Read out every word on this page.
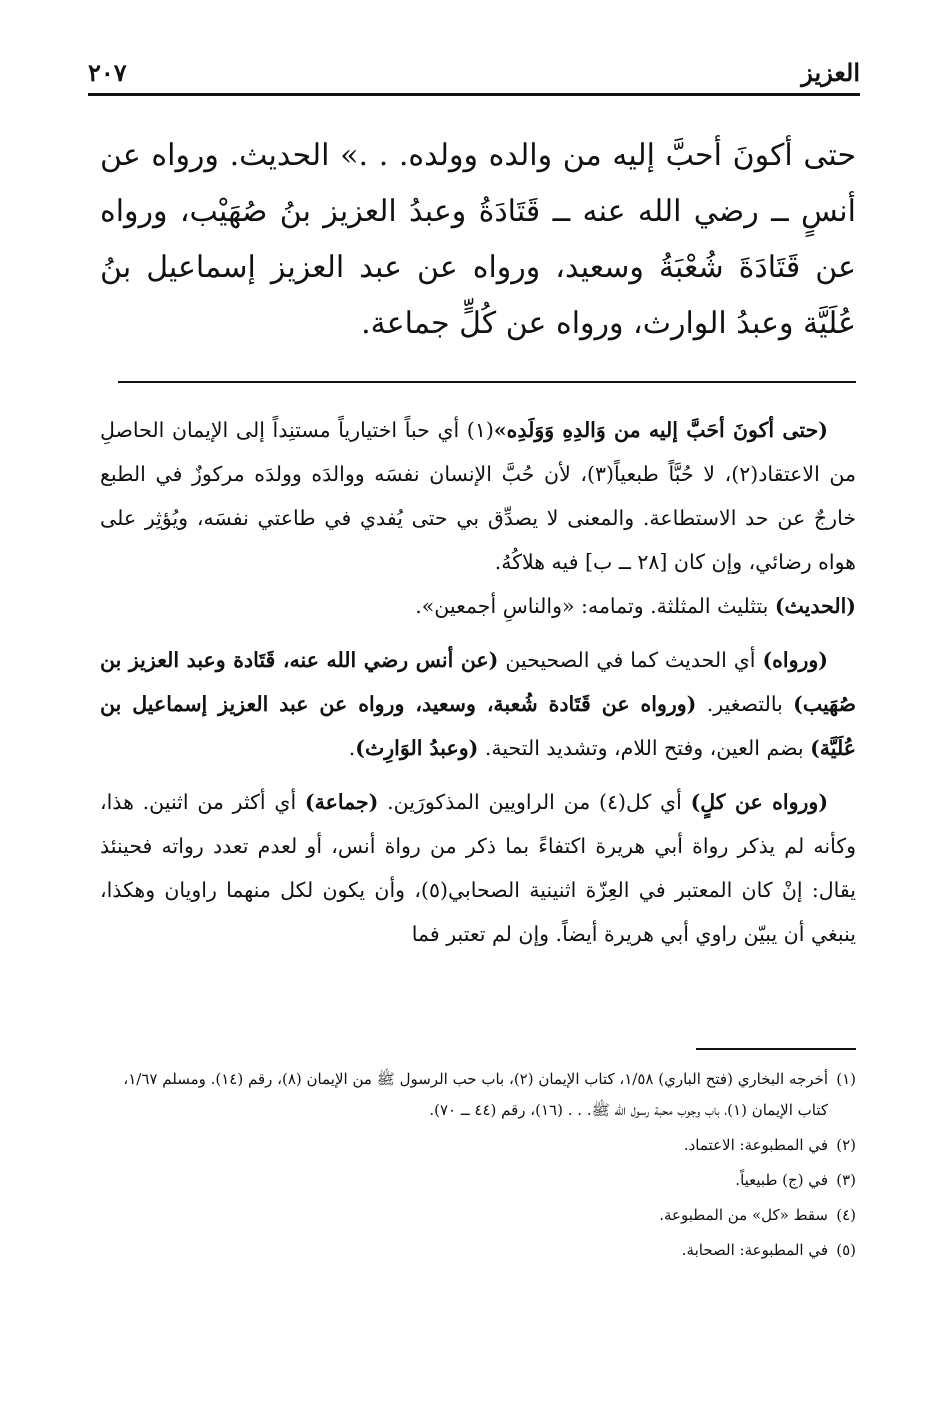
العزيز
٢٠٧

حتى أكونَ أحبَّ إليه من والده وولده. . .» الحديث. ورواه عن أنسٍ ــ رضي الله عنه ــ قَتَادَةُ وعبدُ العزيز بنُ صُهَيْب، ورواه عن قَتَادَةَ شُعْبَةُ وسعيد، ورواه عن عبد العزيز إسماعيل بنُ عُلَيَّة وعبدُ الوارث، ورواه عن كُلٍّ جماعة.

(حتى أكونَ أحَبَّ إليه من وَالدِهِ وَوَلَدِه»(١) أي حباً اختيارياً مستنِداً إلى الإيمان الحاصلِ من الاعتقاد(٢)، لا حُبَّاً طبعياً(٣)، لأن حُبَّ الإنسان نفسَه ووالدَه وولدَه مركوزٌ في الطبع خارجٌ عن حد الاستطاعة. والمعنى لا يصدِّق بي حتى يُفدي في طاعتي نفسَه، ويُؤثِر على هواه رضائي، وإن كان [٢٨ ــ ب] فيه هلاكُهُ.
(الحديث) بتثليث المثلثة. وتمامه: «والناسِ أجمعين».

(ورواه) أي الحديث كما في الصحيحين (عن أنس رضي الله عنه، قَتَادة وعبد العزيز بن صُهَيب) بالتصغير. (ورواه عن قَتَادة شُعبة، وسعيد، ورواه عن عبد العزيز إسماعيل بن عُلَيَّة) بضم العين، وفتح اللام، وتشديد التحية. (وعبدُ الوَارِث).

(ورواه عن كلٍ) أي كل(٤) من الراويين المذكورَين. (جماعة) أي أكثر من اثنين. هذا، وكأنه لم يذكر رواة أبي هريرة اكتفاءً بما ذكر من رواة أنس، أو لعدم تعدد رواته فحينئذ يقال: إنْ كان المعتبر في العِزّة اثنينية الصحابي(٥)، وأن يكون لكل منهما راويان وهكذا، ينبغي أن يبيّن راوي أبي هريرة أيضاً. وإن لم تعتبر فما

(١)أخرجه البخاري (فتح الباري) ١/٥٨، كتاب الإيمان (٢)، باب حب الرسول ﷺ من الإيمان (٨)، رقم (١٤). ومسلم ١/٦٧، كتاب الإيمان (١)، باب وجوب محبة رسول الله ﷺ. . . (١٦)، رقم (٤٤ ــ ٧٠).
(٢)في المطبوعة: الاعتماد.
(٣)في (ج) طبيعياً.
(٤)سقط «كل» من المطبوعة.
(٥)في المطبوعة: الصحابة.
